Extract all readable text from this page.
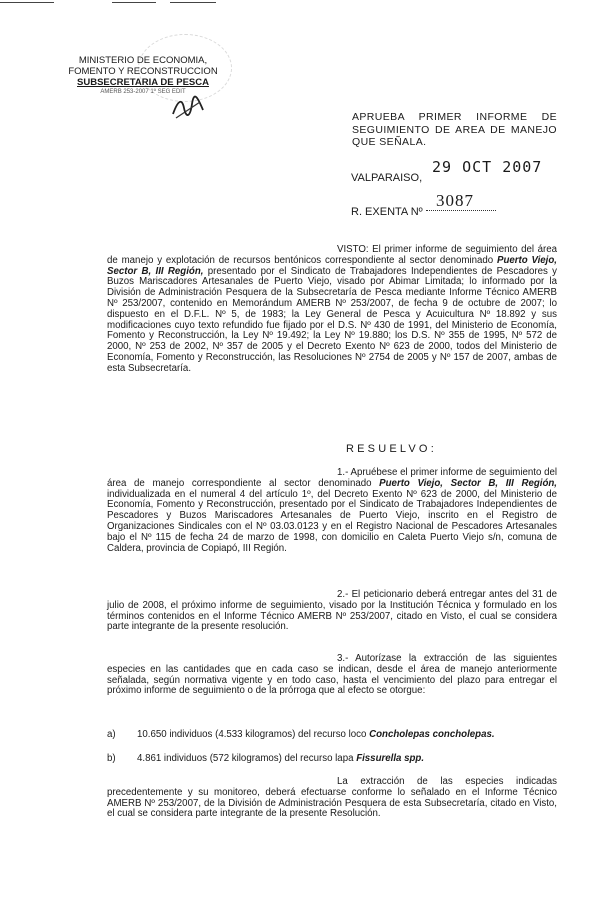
MINISTERIO DE ECONOMIA,
FOMENTO Y RECONSTRUCCION
SUBSECRETARIA DE PESCA
AMERB 253-2007 1º SEG EDIT
APRUEBA PRIMER INFORME DE SEGUIMIENTO DE AREA DE MANEJO QUE SEÑALA.
VALPARAISO,
29 OCT 2007
R. EXENTA Nº
3087
VISTO: El primer informe de seguimiento del área de manejo y explotación de recursos bentónicos correspondiente al sector denominado Puerto Viejo, Sector B, III Región, presentado por el Sindicato de Trabajadores Independientes de Pescadores y Buzos Mariscadores Artesanales de Puerto Viejo, visado por Abimar Limitada; lo informado por la División de Administración Pesquera de la Subsecretaría de Pesca mediante Informe Técnico AMERB Nº 253/2007, contenido en Memorándum AMERB Nº 253/2007, de fecha 9 de octubre de 2007; lo dispuesto en el D.F.L. Nº 5, de 1983; la Ley General de Pesca y Acuicultura Nº 18.892 y sus modificaciones cuyo texto refundido fue fijado por el D.S. Nº 430 de 1991, del Ministerio de Economía, Fomento y Reconstrucción, la Ley Nº 19.492; la Ley Nº 19.880; los D.S. Nº 355 de 1995, Nº 572 de 2000, Nº 253 de 2002, Nº 357 de 2005 y el Decreto Exento Nº 623 de 2000, todos del Ministerio de Economía, Fomento y Reconstrucción, las Resoluciones Nº 2754 de 2005 y Nº 157 de 2007, ambas de esta Subsecretaría.
RESUELVO:
1.- Apruébese el primer informe de seguimiento del área de manejo correspondiente al sector denominado Puerto Viejo, Sector B, III Región, individualizada en el numeral 4 del artículo 1º, del Decreto Exento Nº 623 de 2000, del Ministerio de Economía, Fomento y Reconstrucción, presentado por el Sindicato de Trabajadores Independientes de Pescadores y Buzos Mariscadores Artesanales de Puerto Viejo, inscrito en el Registro de Organizaciones Sindicales con el Nº 03.03.0123 y en el Registro Nacional de Pescadores Artesanales bajo el Nº 115 de fecha 24 de marzo de 1998, con domicilio en Caleta Puerto Viejo s/n, comuna de Caldera, provincia de Copiapó, III Región.
2.- El peticionario deberá entregar antes del 31 de julio de 2008, el próximo informe de seguimiento, visado por la Institución Técnica y formulado en los términos contenidos en el Informe Técnico AMERB Nº 253/2007, citado en Visto, el cual se considera parte integrante de la presente resolución.
3.- Autorízase la extracción de las siguientes especies en las cantidades que en cada caso se indican, desde el área de manejo anteriormente señalada, según normativa vigente y en todo caso, hasta el vencimiento del plazo para entregar el próximo informe de seguimiento o de la prórroga que al efecto se otorgue:
a) 10.650 individuos (4.533 kilogramos) del recurso loco Concholepas concholepas.
b) 4.861 individuos (572 kilogramos) del recurso lapa Fissurella spp.
La extracción de las especies indicadas precedentemente y su monitoreo, deberá efectuarse conforme lo señalado en el Informe Técnico AMERB Nº 253/2007, de la División de Administración Pesquera de esta Subsecretaría, citado en Visto, el cual se considera parte integrante de la presente Resolución.
